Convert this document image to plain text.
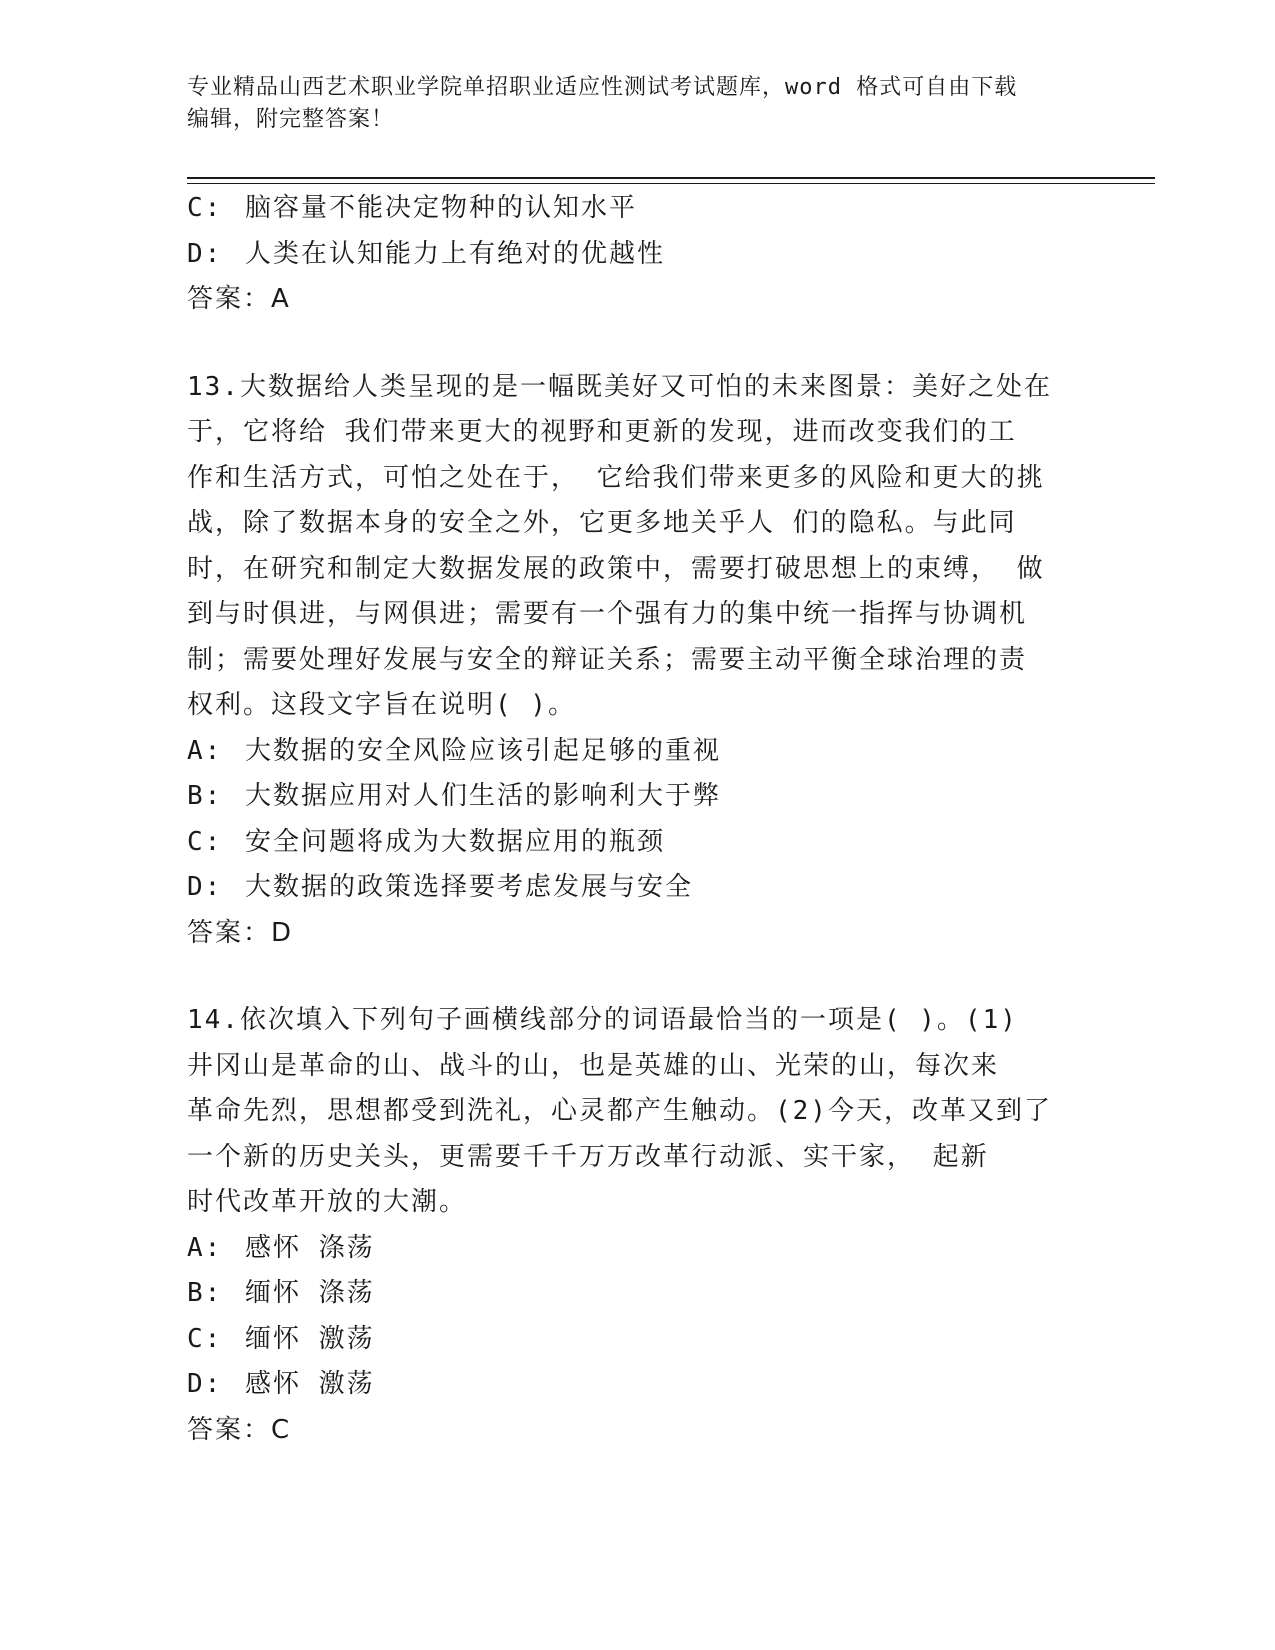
专业精品山西艺术职业学院单招职业适应性测试考试题库，word 格式可自由下载
编辑，附完整答案！
C: 脑容量不能决定物种的认知水平
D: 人类在认知能力上有绝对的优越性
答案：A
13.大数据给人类呈现的是一幅既美好又可怕的未来图景：美好之处在
于，它将给 我们带来更大的视野和更新的发现，进而改变我们的工
作和生活方式，可怕之处在于， 它给我们带来更多的风险和更大的挑
战，除了数据本身的安全之外，它更多地关乎人 们的隐私。与此同
时，在研究和制定大数据发展的政策中，需要打破思想上的束缚， 做
到与时俱进，与网俱进；需要有一个强有力的集中统一指挥与协调机
制；需要处理好发展与安全的辩证关系；需要主动平衡全球治理的责
权利。这段文字旨在说明( )。
A: 大数据的安全风险应该引起足够的重视
B: 大数据应用对人们生活的影响利大于弊
C: 安全问题将成为大数据应用的瓶颈
D: 大数据的政策选择要考虑发展与安全
答案：D
14.依次填入下列句子画横线部分的词语最恰当的一项是( )。(1)
井冈山是革命的山、战斗的山，也是英雄的山、光荣的山，每次来
革命先烈，思想都受到洗礼，心灵都产生触动。(2)今天，改革又到了
一个新的历史关头，更需要千千万万改革行动派、实干家， 起新
时代改革开放的大潮。
A: 感怀 涤荡
B: 缅怀 涤荡
C: 缅怀 激荡
D: 感怀 激荡
答案：C
